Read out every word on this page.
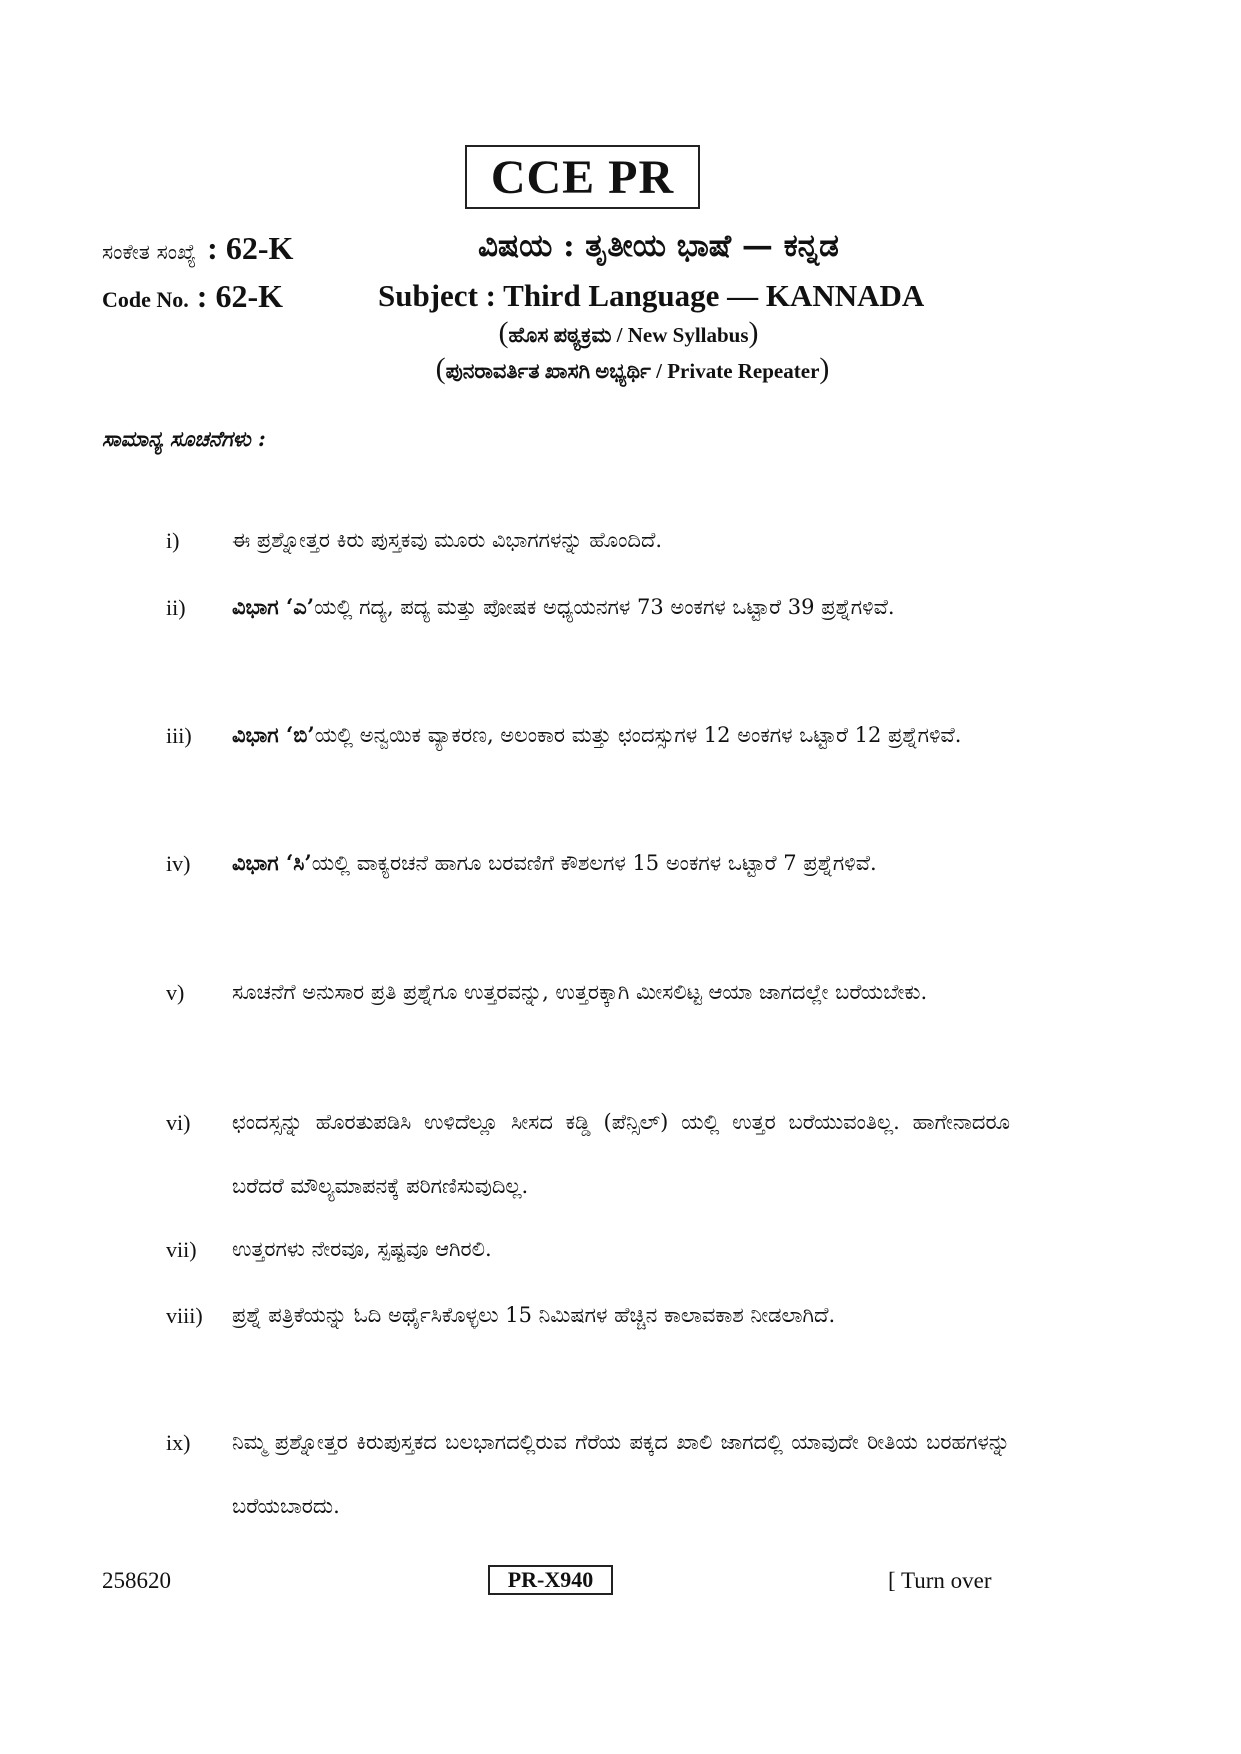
CCE PR
ಸಂಕೇತ ಸಂಖ್ಯೆ : 62-K	ವಿಷಯ : ತೃತೀಯ ಭಾಷೆ — ಕನ್ನಡ
Code No. : 62-K	Subject : Third Language — KANNADA
(ಹೊಸ ಪಠ್ಯಕ್ರಮ / New Syllabus)
(ಪುನರಾವರ್ತಿತ ಖಾಸಗಿ ಅಭ್ಯರ್ಥಿ / Private Repeater)
ಸಾಮಾನ್ಯ ಸೂಚನೆಗಳು :
i)	ಈ ಪ್ರಶ್ನೋತ್ತರ ಕಿರು ಪುಸ್ತಕವು ಮೂರು ವಿಭಾಗಗಳನ್ನು ಹೊಂದಿದೆ.
ii) ವಿಭಾಗ ‘ಎ’ಯಲ್ಲಿ ಗದ್ಯ, ಪದ್ಯ ಮತ್ತು ಪೋಷಕ ಅಧ್ಯಯನಗಳ 73 ಅಂಕಗಳ ಒಟ್ಟಾರೆ 39 ಪ್ರಶ್ನೆಗಳಿವೆ.
iii) ವಿಭಾಗ ‘ಬಿ’ಯಲ್ಲಿ ಅನ್ವಯಿಕ ವ್ಯಾಕರಣ, ಅಲಂಕಾರ ಮತ್ತು ಛಂದಸ್ಸುಗಳ 12 ಅಂಕಗಳ ಒಟ್ಟಾರೆ 12 ಪ್ರಶ್ನೆಗಳಿವೆ.
iv) ವಿಭಾಗ ‘ಸಿ’ಯಲ್ಲಿ ವಾಕ್ಯರಚನೆ ಹಾಗೂ ಬರವಣಿಗೆ ಕೌಶಲಗಳ 15 ಅಂಕಗಳ ಒಟ್ಟಾರೆ 7 ಪ್ರಶ್ನೆಗಳಿವೆ.
v) ಸೂಚನೆಗೆ ಅನುಸಾರ ಪ್ರತಿ ಪ್ರಶ್ನೆಗೂ ಉತ್ತರವನ್ನು, ಉತ್ತರಕ್ಕಾಗಿ ಮೀಸಲಿಟ್ಟ ಆಯಾ ಜಾಗದಲ್ಲೇ ಬರೆಯಬೇಕು.
vi) ಛಂದಸ್ಸನ್ನು ಹೊರತುಪಡಿಸಿ ಉಳಿದೆಲ್ಲೂ ಸೀಸದ ಕಡ್ಡಿ (ಪೆನ್ಸಿಲ್) ಯಲ್ಲಿ ಉತ್ತರ ಬರೆಯುವಂತಿಲ್ಲ. ಹಾಗೇನಾದರೂ ಬರೆದರೆ ಮೌಲ್ಯಮಾಪನಕ್ಕೆ ಪರಿಗಣಿಸುವುದಿಲ್ಲ.
vii) ಉತ್ತರಗಳು ನೇರವೂ, ಸ್ಪಷ್ಟವೂ ಆಗಿರಲಿ.
viii) ಪ್ರಶ್ನೆ ಪತ್ರಿಕೆಯನ್ನು ಓದಿ ಅರ್ಥೈಸಿಕೊಳ್ಳಲು 15 ನಿಮಿಷಗಳ ಹೆಚ್ಚಿನ ಕಾಲಾವಕಾಶ ನೀಡಲಾಗಿದೆ.
ix) ನಿಮ್ಮ ಪ್ರಶ್ನೋತ್ತರ ಕಿರುಪುಸ್ತಕದ ಬಲಭಾಗದಲ್ಲಿರುವ ಗೆರೆಯ ಪಕ್ಕದ ಖಾಲಿ ಜಾಗದಲ್ಲಿ ಯಾವುದೇ ರೀತಿಯ ಬರಹಗಳನ್ನು ಬರೆಯಬಾರದು.
258620	PR-X940	[ Turn over
